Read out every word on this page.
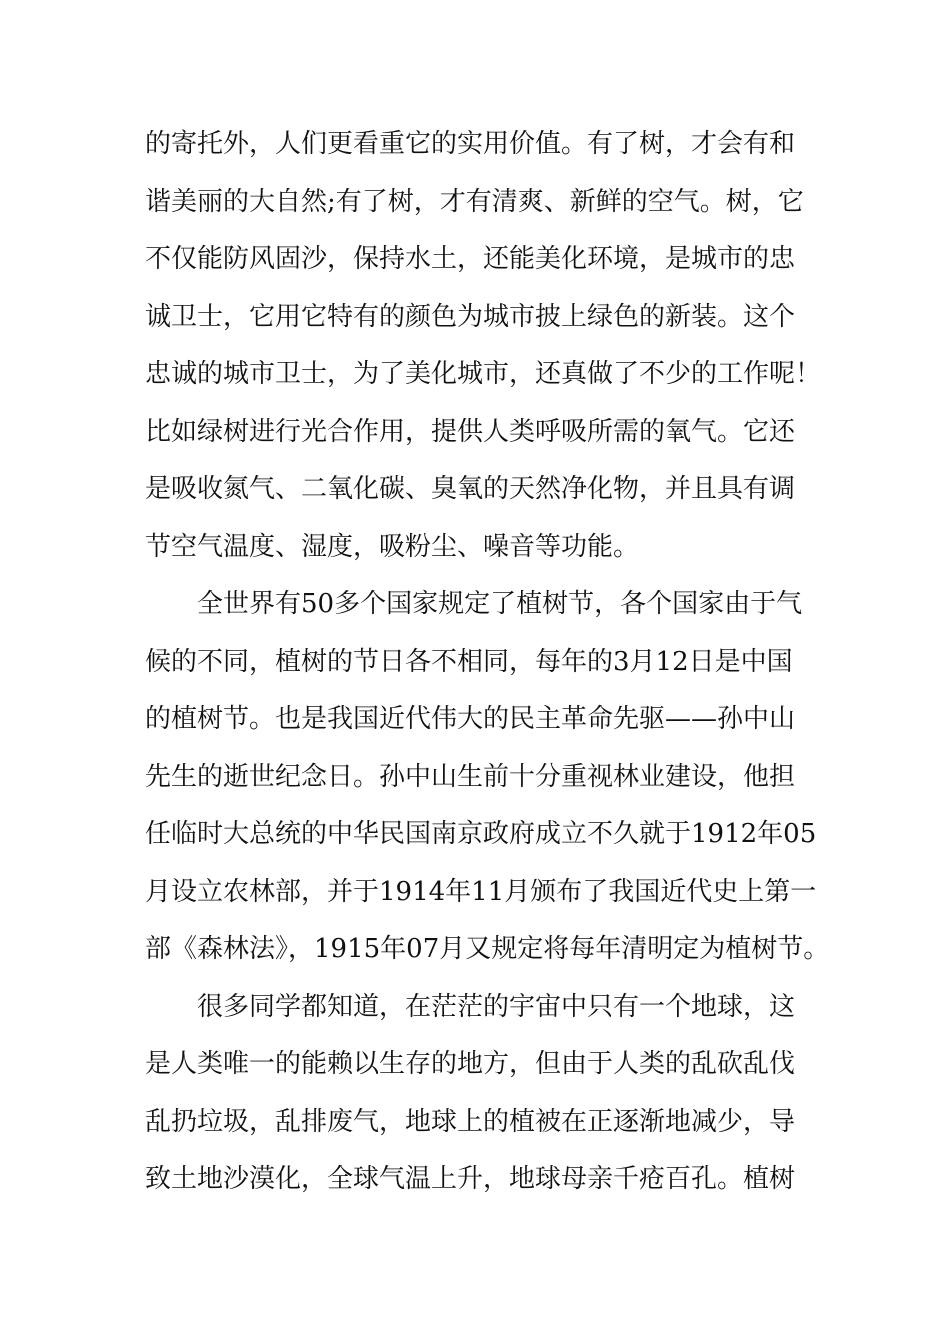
的寄托外，人们更看重它的实用价值。有了树，才会有和
谐美丽的大自然;有了树，才有清爽、新鲜的空气。树，它
不仅能防风固沙，保持水土，还能美化环境，是城市的忠
诚卫士，它用它特有的颜色为城市披上绿色的新装。这个
忠诚的城市卫士，为了美化城市，还真做了不少的工作呢！
比如绿树进行光合作用，提供人类呼吸所需的氧气。它还
是吸收氮气、二氧化碳、臭氧的天然净化物，并且具有调
节空气温度、湿度，吸粉尘、噪音等功能。
全世界有50多个国家规定了植树节，各个国家由于气
候的不同，植树的节日各不相同，每年的3月12日是中国
的植树节。也是我国近代伟大的民主革命先驱——孙中山
先生的逝世纪念日。孙中山生前十分重视林业建设，他担
任临时大总统的中华民国南京政府成立不久就于1912年05
月设立农林部，并于1914年11月颁布了我国近代史上第一
部《森林法》，1915年07月又规定将每年清明定为植树节。
很多同学都知道，在茫茫的宇宙中只有一个地球，这
是人类唯一的能赖以生存的地方，但由于人类的乱砍乱伐
乱扔垃圾，乱排废气，地球上的植被在正逐渐地减少，导
致土地沙漠化，全球气温上升，地球母亲千疮百孔。植树
